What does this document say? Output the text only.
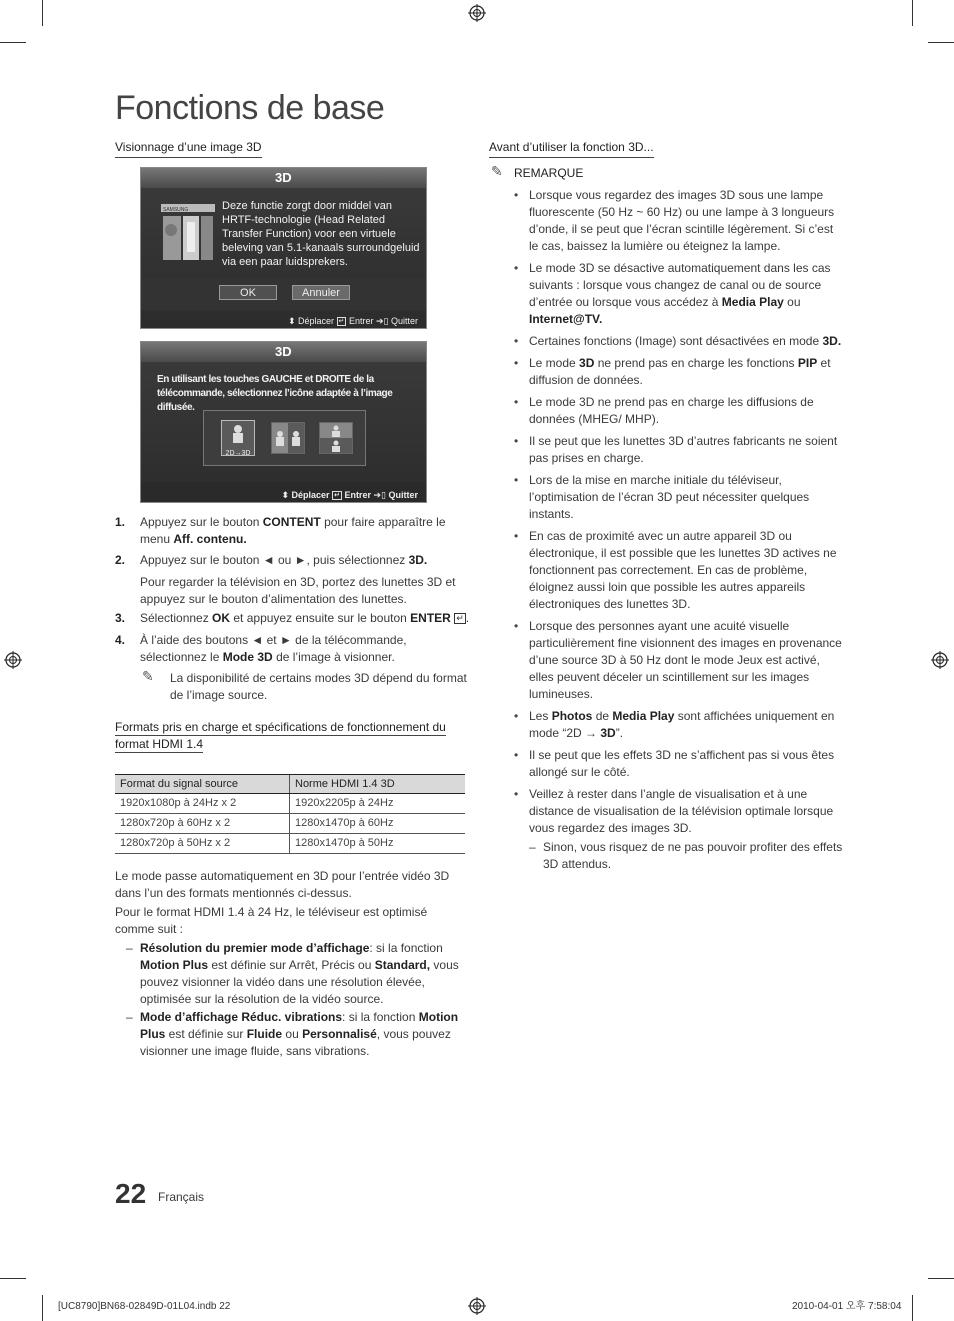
Fonctions de base
Visionnage d’une image 3D
3D
SAMSUNG	Deze functie zorgt door middel van HRTF-technologie (Head Related Transfer Function) voor een virtuele beleving van 5.1-kanaals surroundgeluid via een paar luidsprekers.
OK	Annuler
⬍ Déplacer ↵ Entrer ➔▯ Quitter
3D
En utilisant les touches GAUCHE et DROITE de la télécommande, sélectionnez l’icône adaptée à l’image diffusée.
2D→3D
⬍ Déplacer ↵ Entrer ➔▯ Quitter
1. Appuyez sur le bouton CONTENT pour faire apparaître le menu Aff. contenu.
2. Appuyez sur le bouton ◄ ou ►, puis sélectionnez 3D.
Pour regarder la télévision en 3D, portez des lunettes 3D et appuyez sur le bouton d’alimentation des lunettes.
3. Sélectionnez OK et appuyez ensuite sur le bouton ENTER ↵ .
4. À l’aide des boutons ◄ et ► de la télécommande, sélectionnez le Mode 3D de l’image à visionner.
✎ La disponibilité de certains modes 3D dépend du format de l’image source.
Formats pris en charge et spécifications de fonctionnement du format HDMI 1.4
Format du signal source	Norme HDMI 1.4 3D
1920x1080p à 24Hz x 2	1920x2205p à 24Hz
1280x720p à 60Hz x 2	1280x1470p à 60Hz
1280x720p à 50Hz x 2	1280x1470p à 50Hz
Le mode passe automatiquement en 3D pour l’entrée vidéo 3D dans l’un des formats mentionnés ci-dessus.
Pour le format HDMI 1.4 à 24 Hz, le téléviseur est optimisé comme suit :
– Résolution du premier mode d’affichage: si la fonction Motion Plus est définie sur Arrêt, Précis ou Standard, vous pouvez visionner la vidéo dans une résolution élevée, optimisée sur la résolution de la vidéo source.
– Mode d’affichage Réduc. vibrations: si la fonction Motion Plus est définie sur Fluide ou Personnalisé, vous pouvez visionner une image fluide, sans vibrations.
Avant d’utiliser la fonction 3D...
✎ REMARQUE
• Lorsque vous regardez des images 3D sous une lampe fluorescente (50 Hz ~ 60 Hz) ou une lampe à 3 longueurs d’onde, il se peut que l’écran scintille légèrement. Si c’est le cas, baissez la lumière ou éteignez la lampe.
• Le mode 3D se désactive automatiquement dans les cas suivants : lorsque vous changez de canal ou de source d’entrée ou lorsque vous accédez à Media Play ou Internet@TV.
• Certaines fonctions (Image) sont désactivées en mode 3D.
• Le mode 3D ne prend pas en charge les fonctions PIP et diffusion de données.
• Le mode 3D ne prend pas en charge les diffusions de données (MHEG/ MHP).
• Il se peut que les lunettes 3D d’autres fabricants ne soient pas prises en charge.
• Lors de la mise en marche initiale du téléviseur, l’optimisation de l’écran 3D peut nécessiter quelques instants.
• En cas de proximité avec un autre appareil 3D ou électronique, il est possible que les lunettes 3D actives ne fonctionnent pas correctement. En cas de problème, éloignez aussi loin que possible les autres appareils électroniques des lunettes 3D.
• Lorsque des personnes ayant une acuité visuelle particulièrement fine visionnent des images en provenance d’une source 3D à 50 Hz dont le mode Jeux est activé, elles peuvent déceler un scintillement sur les images lumineuses.
• Les Photos de Media Play sont affichées uniquement en mode “2D → 3D”.
• Il se peut que les effets 3D ne s’affichent pas si vous êtes allongé sur le côté.
• Veillez à rester dans l’angle de visualisation et à une distance de visualisation de la télévision optimale lorsque vous regardez des images 3D.
– Sinon, vous risquez de ne pas pouvoir profiter des effets 3D attendus.
22 Français
[UC8790]BN68-02849D-01L04.indb 22	2010-04-01 오후 7:58:04
